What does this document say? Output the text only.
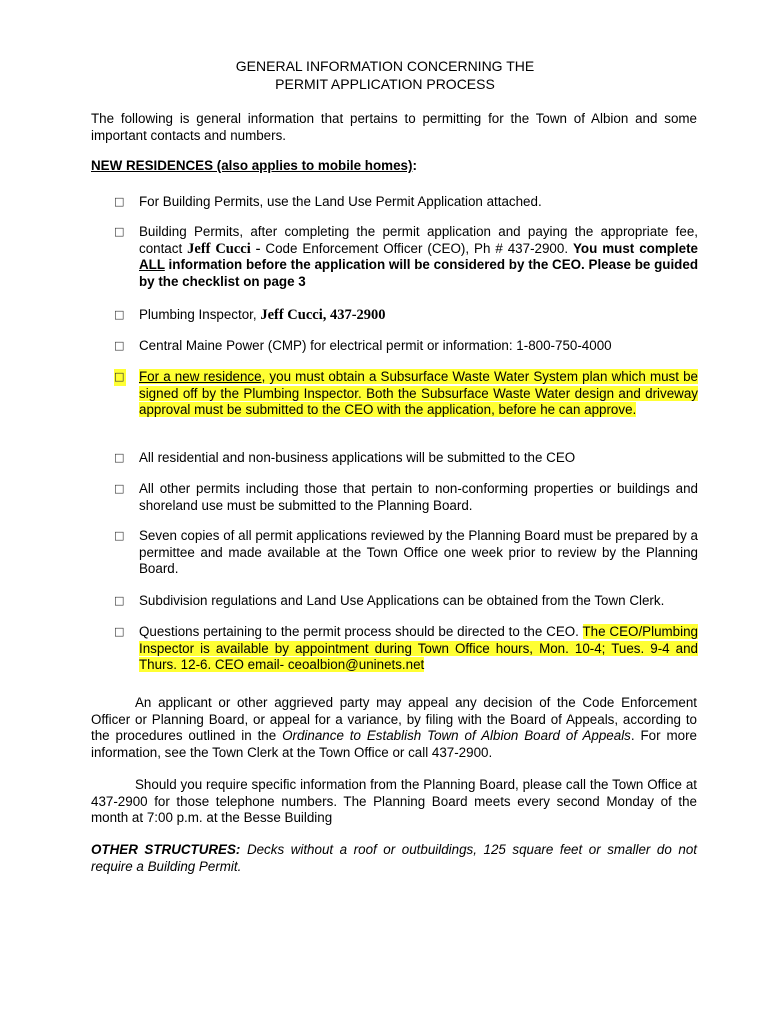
GENERAL INFORMATION CONCERNING THE
PERMIT APPLICATION PROCESS
The following is general information that pertains to permitting for the Town of Albion and some important contacts and numbers.
NEW RESIDENCES (also applies to mobile homes):
□ For Building Permits, use the Land Use Permit Application attached.
□ Building Permits, after completing the permit application and paying the appropriate fee, contact Jeff Cucci - Code Enforcement Officer (CEO), Ph # 437-2900. You must complete ALL information before the application will be considered by the CEO. Please be guided by the checklist on page 3
□ Plumbing Inspector, Jeff Cucci, 437-2900
□ Central Maine Power (CMP) for electrical permit or information: 1-800-750-4000
□ For a new residence, you must obtain a Subsurface Waste Water System plan which must be signed off by the Plumbing Inspector. Both the Subsurface Waste Water design and driveway approval must be submitted to the CEO with the application, before he can approve.
□ All residential and non-business applications will be submitted to the CEO
□ All other permits including those that pertain to non-conforming properties or buildings and shoreland use must be submitted to the Planning Board.
□ Seven copies of all permit applications reviewed by the Planning Board must be prepared by a permittee and made available at the Town Office one week prior to review by the Planning Board.
□ Subdivision regulations and Land Use Applications can be obtained from the Town Clerk.
□ Questions pertaining to the permit process should be directed to the CEO. The CEO/Plumbing Inspector is available by appointment during Town Office hours, Mon. 10-4; Tues. 9-4 and Thurs. 12-6. CEO email- ceoalbion@uninets.net
An applicant or other aggrieved party may appeal any decision of the Code Enforcement Officer or Planning Board, or appeal for a variance, by filing with the Board of Appeals, according to the procedures outlined in the Ordinance to Establish Town of Albion Board of Appeals. For more information, see the Town Clerk at the Town Office or call 437-2900.
Should you require specific information from the Planning Board, please call the Town Office at 437-2900 for those telephone numbers. The Planning Board meets every second Monday of the month at 7:00 p.m. at the Besse Building
OTHER STRUCTURES: Decks without a roof or outbuildings, 125 square feet or smaller do not require a Building Permit.
